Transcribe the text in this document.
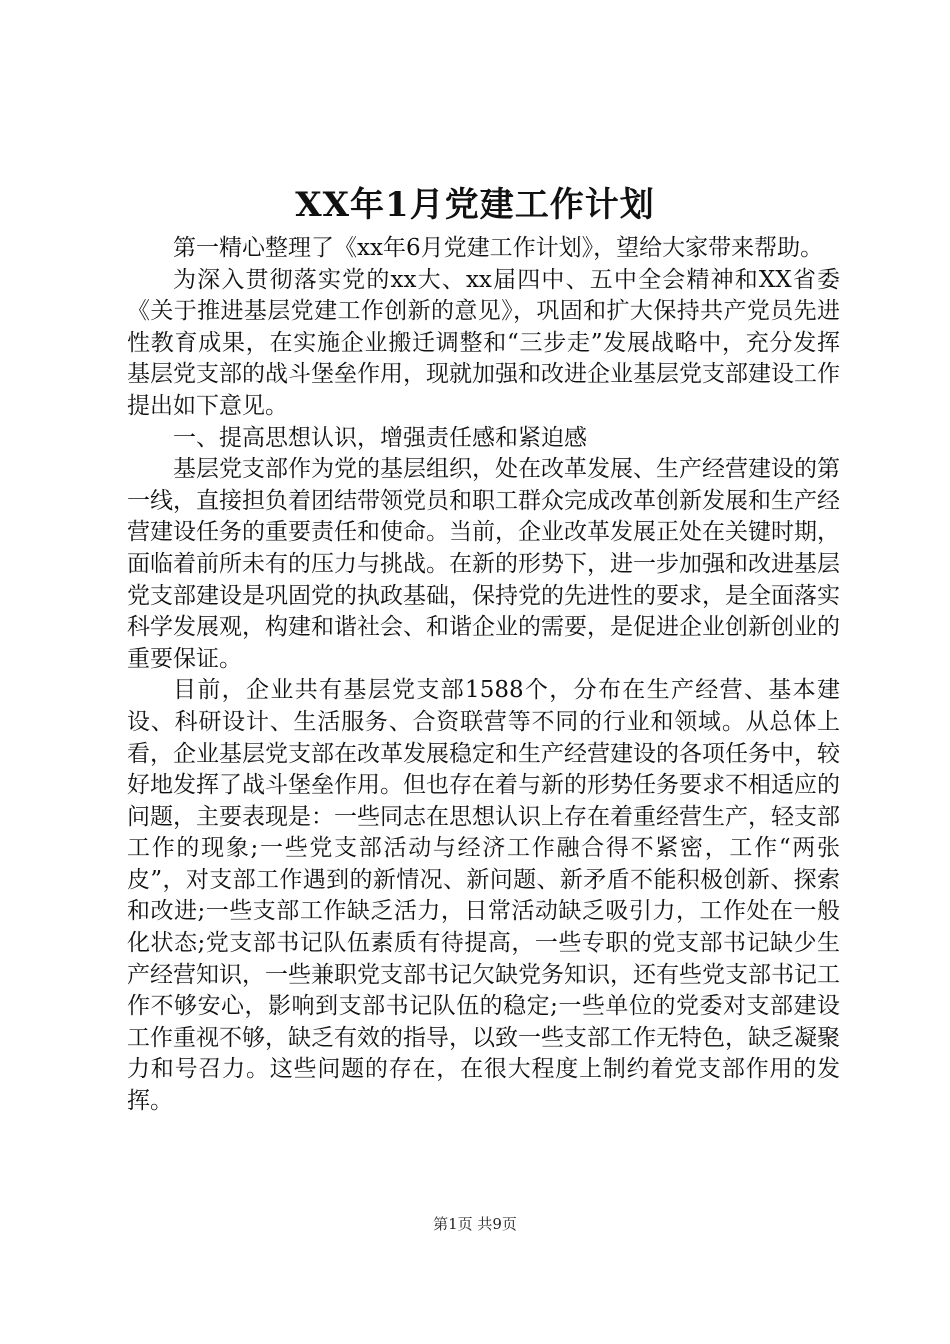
XX年1月党建工作计划

第一精心整理了《xx年6月党建工作计划》，望给大家带来帮助。

为深入贯彻落实党的xx大、xx届四中、五中全会精神和XX省委《关于推进基层党建工作创新的意见》，巩固和扩大保持共产党员先进性教育成果，在实施企业搬迁调整和“三步走”发展战略中，充分发挥基层党支部的战斗堡垒作用，现就加强和改进企业基层党支部建设工作提出如下意见。

一、提高思想认识，增强责任感和紧迫感

基层党支部作为党的基层组织，处在改革发展、生产经营建设的第一线，直接担负着团结带领党员和职工群众完成改革创新发展和生产经营建设任务的重要责任和使命。当前，企业改革发展正处在关键时期，面临着前所未有的压力与挑战。在新的形势下，进一步加强和改进基层党支部建设是巩固党的执政基础，保持党的先进性的要求，是全面落实科学发展观，构建和谐社会、和谐企业的需要，是促进企业创新创业的重要保证。

目前，企业共有基层党支部1588个，分布在生产经营、基本建设、科研设计、生活服务、合资联营等不同的行业和领域。从总体上看，企业基层党支部在改革发展稳定和生产经营建设的各项任务中，较好地发挥了战斗堡垒作用。但也存在着与新的形势任务要求不相适应的问题，主要表现是：一些同志在思想认识上存在着重经营生产，轻支部工作的现象;一些党支部活动与经济工作融合得不紧密，工作“两张皮”，对支部工作遇到的新情况、新问题、新矛盾不能积极创新、探索和改进;一些支部工作缺乏活力，日常活动缺乏吸引力，工作处在一般化状态;党支部书记队伍素质有待提高，一些专职的党支部书记缺少生产经营知识，一些兼职党支部书记欠缺党务知识，还有些党支部书记工作不够安心，影响到支部书记队伍的稳定;一些单位的党委对支部建设工作重视不够，缺乏有效的指导，以致一些支部工作无特色，缺乏凝聚力和号召力。这些问题的存在，在很大程度上制约着党支部作用的发挥。

第1页 共9页
